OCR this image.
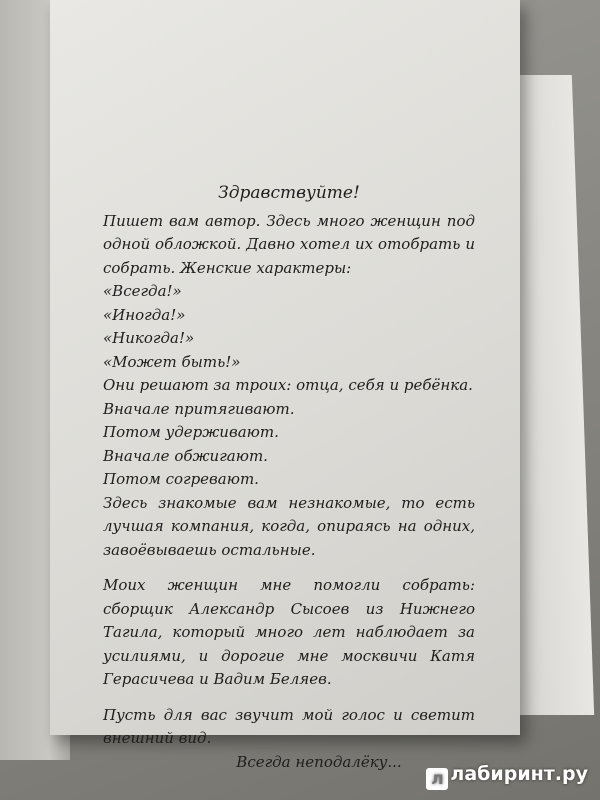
Здравствуйте!

Пишет вам автор. Здесь много женщин под одной обложкой. Давно хотел их отобрать и собрать. Женские характеры:

«Всегда!»

«Иногда!»

«Никогда!»

«Может быть!»

Они решают за троих: отца, себя и ребёнка.

Вначале притягивают.

Потом удерживают.

Вначале обжигают.

Потом согревают.

Здесь знакомые вам незнакомые, то есть лучшая компания, когда, опираясь на одних, завоёвываешь остальные.

Моих женщин мне помогли собрать: сборщик Александр Сысоев из Нижнего Тагила, который много лет наблюдает за усилиями, и дорогие мне москвичи Катя Герасичева и Вадим Беляев.

Пусть для вас звучит мой голос и светит внешний вид.

Всегда неподалёку...

л лабиринт.ру
